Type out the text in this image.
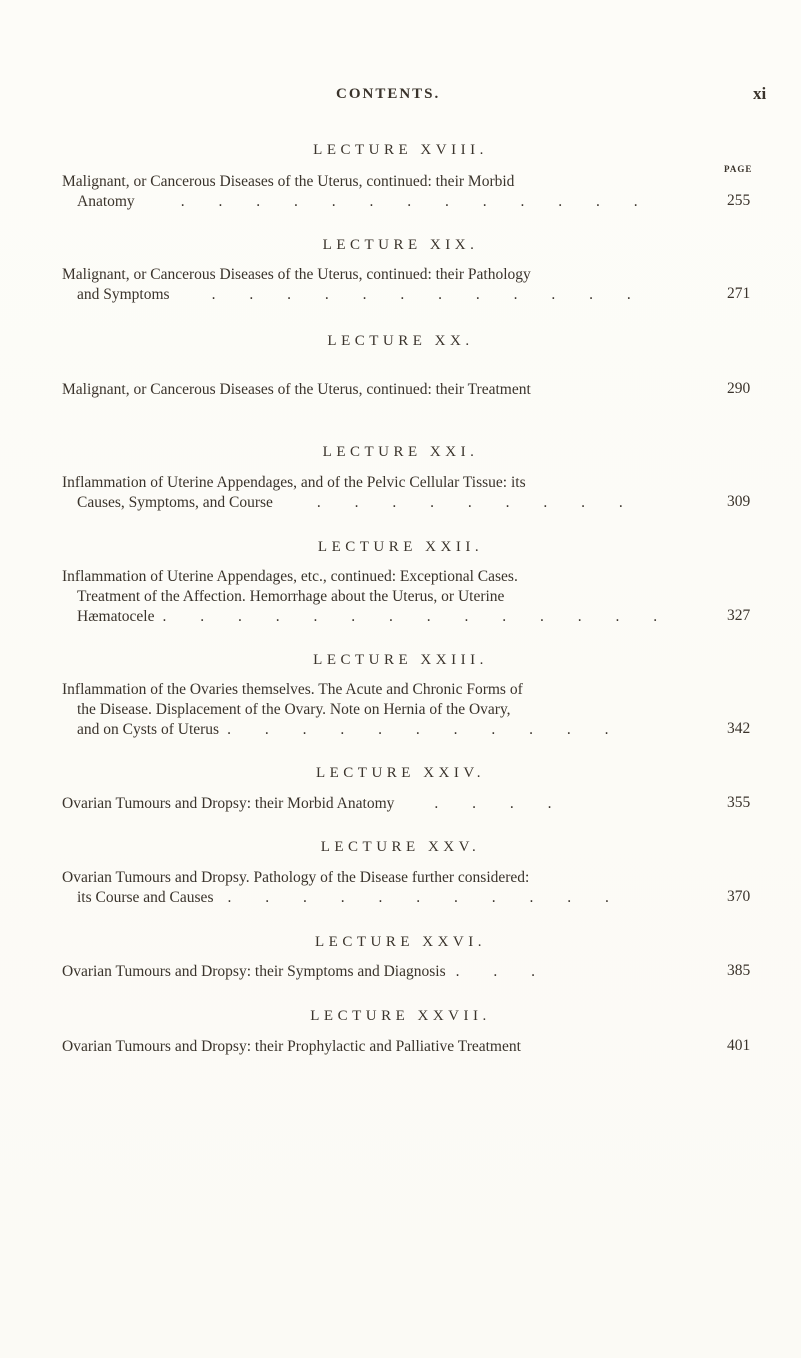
CONTENTS.	xi
LECTURE XVIII.
PAGE
Malignant, or Cancerous Diseases of the Uterus, continued: their Morbid
Anatomy	. . . . . . . . . . . . .	255
LECTURE XIX.
Malignant, or Cancerous Diseases of the Uterus, continued: their Pathology
and Symptoms	. . . . . . . . . . . .	271
LECTURE XX.
Malignant, or Cancerous Diseases of the Uterus, continued: their Treatment	290
LECTURE XXI.
Inflammation of Uterine Appendages, and of the Pelvic Cellular Tissue: its
Causes, Symptoms, and Course	. . . . . . . . .	309
LECTURE XXII.
Inflammation of Uterine Appendages, etc., continued: Exceptional Cases.
Treatment of the Affection. Hemorrhage about the Uterus, or Uterine
Hæmatocele . . . . . . . . . . . . . .	327
LECTURE XXIII.
Inflammation of the Ovaries themselves. The Acute and Chronic Forms of
the Disease. Displacement of the Ovary. Note on Hernia of the Ovary,
and on Cysts of Uterus . . . . . . . . . . .	342
LECTURE XXIV.
Ovarian Tumours and Dropsy: their Morbid Anatomy	. . . .	355
LECTURE XXV.
Ovarian Tumours and Dropsy. Pathology of the Disease further considered:
its Course and Causes . . . . . . . . . . .	370
LECTURE XXVI.
Ovarian Tumours and Dropsy: their Symptoms and Diagnosis . . .	385
LECTURE XXVII.
Ovarian Tumours and Dropsy: their Prophylactic and Palliative Treatment	401
